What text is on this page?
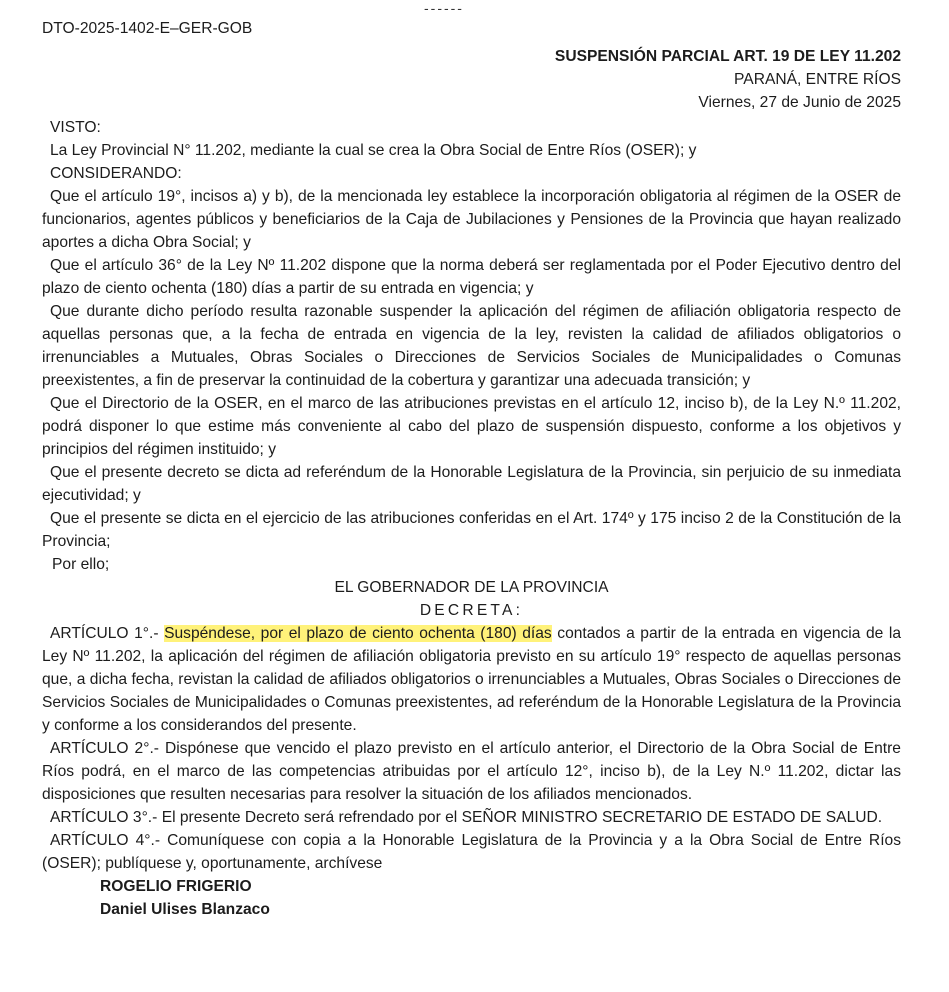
------
DTO-2025-1402-E–GER-GOB
SUSPENSIÓN PARCIAL ART. 19 DE LEY 11.202
PARANÁ, ENTRE RÍOS
Viernes, 27 de Junio de 2025

VISTO:

La Ley Provincial N° 11.202, mediante la cual se crea la Obra Social de Entre Ríos (OSER); y

CONSIDERANDO:

Que el artículo 19°, incisos a) y b), de la mencionada ley establece la incorporación obligatoria al régimen de la OSER de funcionarios, agentes públicos y beneficiarios de la Caja de Jubilaciones y Pensiones de la Provincia que hayan realizado aportes a dicha Obra Social; y

Que el artículo 36° de la Ley Nº 11.202 dispone que la norma deberá ser reglamentada por el Poder Ejecutivo dentro del plazo de ciento ochenta (180) días a partir de su entrada en vigencia; y

Que durante dicho período resulta razonable suspender la aplicación del régimen de afiliación obligatoria respecto de aquellas personas que, a la fecha de entrada en vigencia de la ley, revisten la calidad de afiliados obligatorios o irrenunciables a Mutuales, Obras Sociales o Direcciones de Servicios Sociales de Municipalidades o Comunas preexistentes, a fin de preservar la continuidad de la cobertura y garantizar una adecuada transición; y

Que el Directorio de la OSER, en el marco de las atribuciones previstas en el artículo 12, inciso b), de la Ley N.º 11.202, podrá disponer lo que estime más conveniente al cabo del plazo de suspensión dispuesto, conforme a los objetivos y principios del régimen instituido; y

Que el presente decreto se dicta ad referéndum de la Honorable Legislatura de la Provincia, sin perjuicio de su inmediata ejecutividad; y

Que el presente se dicta en el ejercicio de las atribuciones conferidas en el Art. 174º y 175 inciso 2 de la Constitución de la Provincia;

Por ello;

EL GOBERNADOR DE LA PROVINCIA

DECRETA:

ARTÍCULO 1°.- Suspéndese, por el plazo de ciento ochenta (180) días contados a partir de la entrada en vigencia de la Ley Nº 11.202, la aplicación del régimen de afiliación obligatoria previsto en su artículo 19° respecto de aquellas personas que, a dicha fecha, revistan la calidad de afiliados obligatorios o irrenunciables a Mutuales, Obras Sociales o Direcciones de Servicios Sociales de Municipalidades o Comunas preexistentes, ad referéndum de la Honorable Legislatura de la Provincia y conforme a los considerandos del presente.

ARTÍCULO 2°.- Dispónese que vencido el plazo previsto en el artículo anterior, el Directorio de la Obra Social de Entre Ríos podrá, en el marco de las competencias atribuidas por el artículo 12°, inciso b), de la Ley N.º 11.202, dictar las disposiciones que resulten necesarias para resolver la situación de los afiliados mencionados.

ARTÍCULO 3°.- El presente Decreto será refrendado por el SEÑOR MINISTRO SECRETARIO DE ESTADO DE SALUD.

ARTÍCULO 4°.- Comuníquese con copia a la Honorable Legislatura de la Provincia y a la Obra Social de Entre Ríos (OSER); publíquese y, oportunamente, archívese

ROGELIO FRIGERIO

Daniel Ulises Blanzaco
